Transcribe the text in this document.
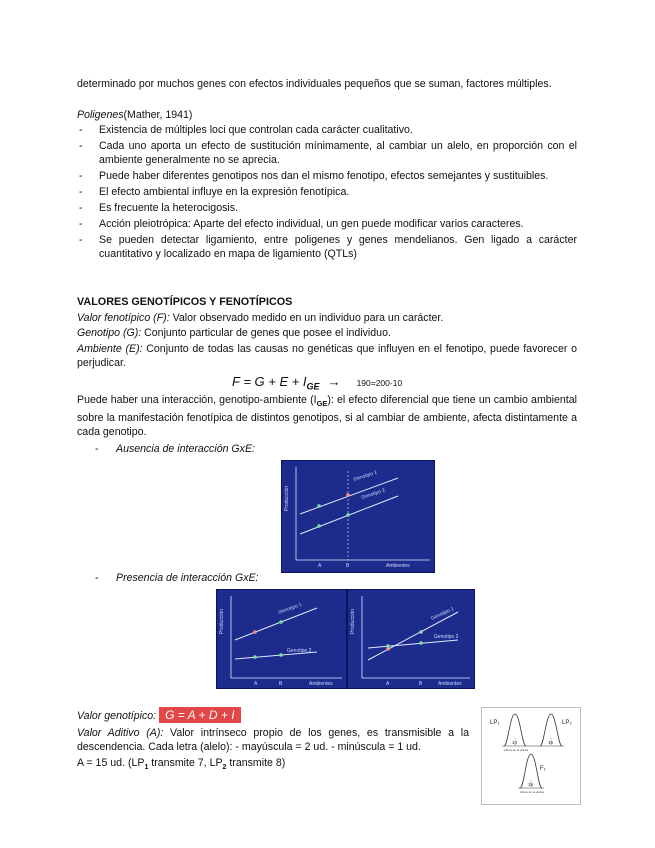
determinado por muchos genes con efectos individuales pequeños que se suman, factores múltiples.
Poligenes(Mather, 1941)
- Existencia de múltiples loci que controlan cada carácter cualitativo.
- Cada uno aporta un efecto de sustitución mínimamente, al cambiar un alelo, en proporción con el ambiente generalmente no se aprecia.
- Puede haber diferentes genotipos nos dan el mismo fenotipo, efectos semejantes y sustituibles.
- El efecto ambiental influye en la expresión fenotípica.
- Es frecuente la heterocigosis.
- Acción pleiotrópica: Aparte del efecto individual, un gen puede modificar varios caracteres.
- Se pueden detectar ligamiento, entre poligenes y genes mendelianos. Gen ligado a carácter cuantitativo y localizado en mapa de ligamiento (QTLs)
VALORES GENOTÍPICOS Y FENOTÍPICOS
Valor fenotípico (F): Valor observado medido en un individuo para un carácter.
Genotipo (G): Conjunto particular de genes que posee el individuo.
Ambiente (E): Conjunto de todas las causas no genéticas que influyen en el fenotipo, puede favorecer o perjudicar.
$F = G + E + I_{GE} \to 190=200-10$
Puede haber una interacción, genotipo-ambiente $(I_{GE})$: el efecto diferencial que tiene un cambio ambiental sobre la manifestación fenotípica de distintos genotipos, si al cambiar de ambiente, afecta distintamente a cada genotipo.
- Ausencia de interacción GxE:
Producción
Genotipo 1
Genotipo 2
A	B	Ambientes
- Presencia de interacción GxE:
Producción
Genotipo 1
Genotipo 2
A	B	Ambientes
Producción	Genotipo 1
Genotipo 2
A	B	Ambientes
Valor genotípico: G = A + D + I
Valor Aditivo (A): Valor intrínseco propio de los genes, es transmisible a la descendencia. Cada letra (alelo): - mayúscula = 2 ud. - minúscula = 1 ud.
A = 15 ud. ($LP_1$ transmite 7, $LP_2$ transmite 8)
LP₁	LP₂
14	16
Altura de la planta
F₁
15
Altura de la planta
